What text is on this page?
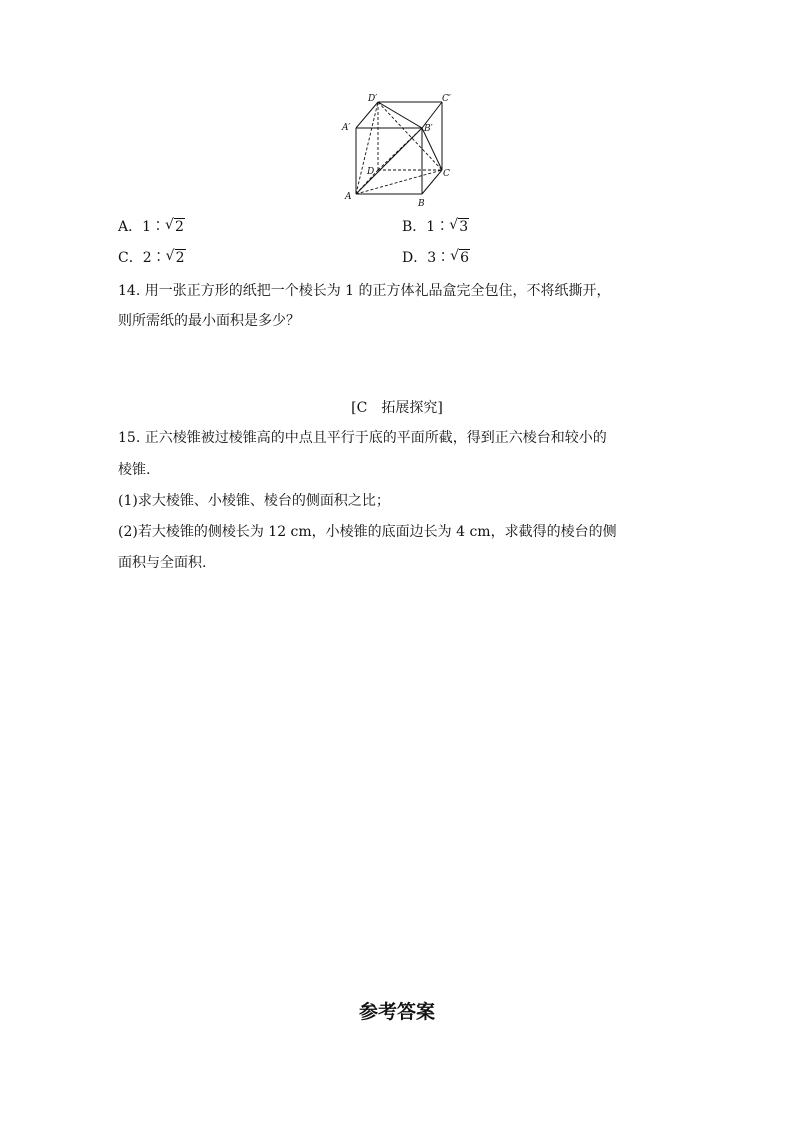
D′	C′
A′	B′
D	C
A
B
A．1∶ √ 2	B．1∶ √ 3
C．2∶ √ 2	D．3∶ √ 6
14. 用一张正方形的纸把一个棱长为 1 的正方体礼品盒完全包住，不将纸撕开，
则所需纸的最小面积是多少？
[C　拓展探究]
15. 正六棱锥被过棱锥高的中点且平行于底的平面所截，得到正六棱台和较小的
棱锥.
(1)求大棱锥、小棱锥、棱台的侧面积之比；
(2)若大棱锥的侧棱长为 12 cm，小棱锥的底面边长为 4 cm，求截得的棱台的侧
面积与全面积.
参考答案
